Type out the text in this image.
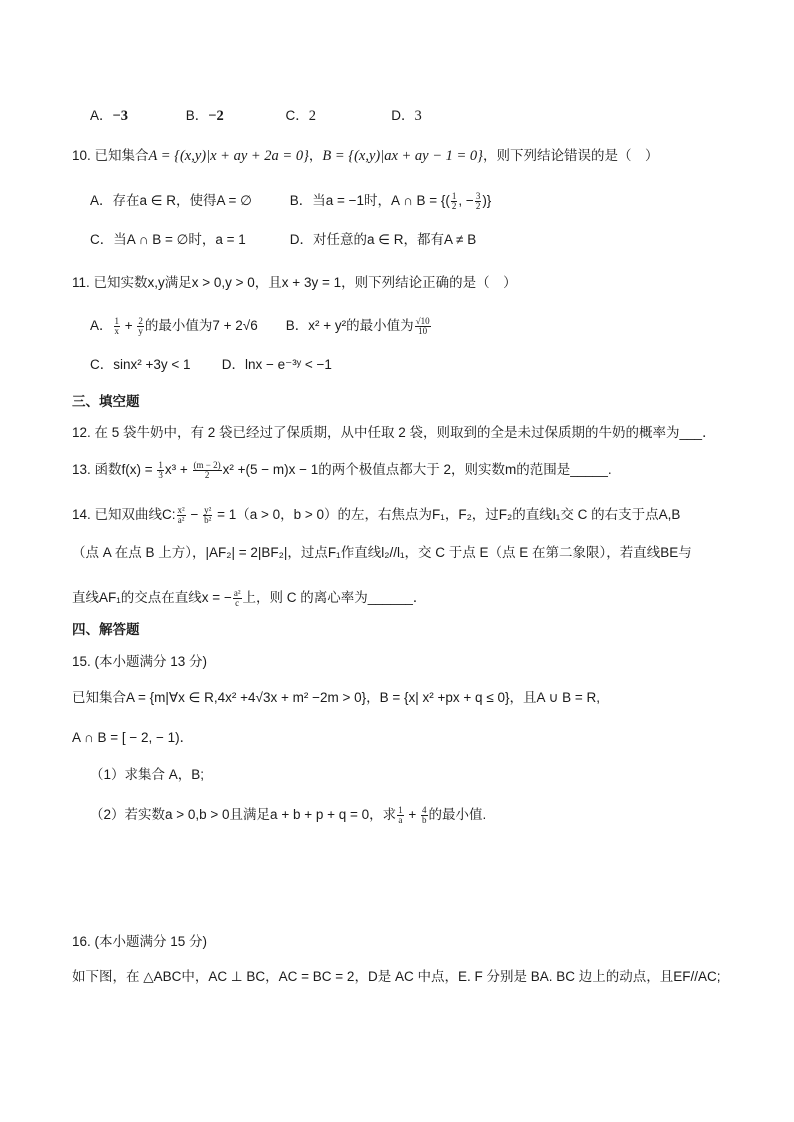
A．−3	B．−2	C．2	D．3
10. 已知集合A = {(x,y)|x + ay + 2a = 0}，B = {(x,y)|ax + ay − 1 = 0}，则下列结论错误的是（　）
A．存在a ∈ R，使得A = ∅	B．当a = −1时，A ∩ B = {( $\frac{1}{2}$ , − $\frac{3}{2}$ )}
C．当A ∩ B = ∅时，a = 1	D．对任意的a ∈ R，都有A ≠ B
11. 已知实数x,y满足x > 0,y > 0，且x + 3y = 1，则下列结论正确的是（　）
A． $\frac{1}{x} + \frac{2}{y}$ 的最小值为7 + 2√6 B．x² + y²的最小值为 $\frac{√10}{10}$
C．sinx² +3y < 1 D．lnx − e⁻³ʸ < −1
三、填空题
12. 在 5 袋牛奶中，有 2 袋已经过了保质期，从中任取 2 袋，则取到的全是未过保质期的牛奶的概率为___．
13. 函数$f(x) = \frac{1}{3} x^3 + \frac{(m - 2)}{2} x^2 +(5 - m)x - 1$的两个极值点都大于 2，则实数m的范围是_____.
14. 已知双曲线C: $\frac{\text{x²}}{\text{a²}} - \frac{\text{y²}}{\text{b²}} = 1(a > 0$，b > 0）的左，右焦点为F₁，F₂，过F₂的直线l₁交 C 的右支于点A,B
（点 A 在点 B 上方），|AF₂| = 2|BF₂|，过点F₁作直线l₂//l₁，交 C 于点 E（点 E 在第二象限），若直线BE与
直线AF₁的交点在直线x = − $\frac{\text{a²}}{c}$ 上，则 C 的离心率为______．
四、解答题
15. (本小题满分 13 分)
已知集合A = {m|∀x ∈ R,4x² +4√3x + m² −2m > 0}，B = {x| x² +px + q ≤ 0}，且A ∪ B = R,
A ∩ B = [ − 2, − 1)．
（1）求集合 A，B;
（2）若实数a > 0,b > 0且满足a + b + p + q = 0，求 $\frac{1}{a} + \frac{4}{b}$ 的最小值.
16. (本小题满分 15 分)
如下图，在 △ABC中，AC ⊥ BC，AC = BC = 2，D是 AC 中点，E. F 分别是 BA. BC 边上的动点，且EF//AC;
